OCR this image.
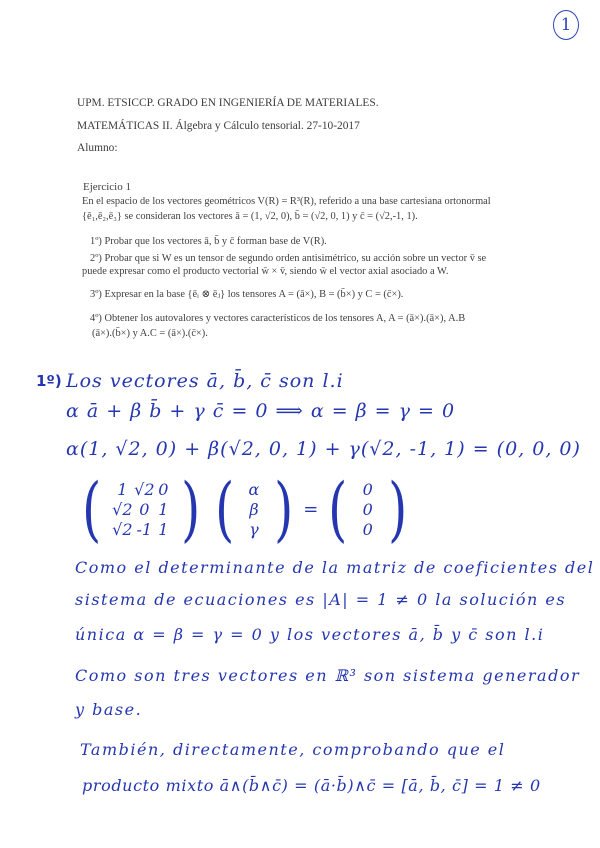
1
UPM. ETSICCP. GRADO EN INGENIERÍA DE MATERIALES.
MATEMÁTICAS II. Álgebra y Cálculo tensorial. 27-10-2017
Alumno:
Ejercicio 1
En el espacio de los vectores geométricos V(R) = R³(R), referido a una base cartesiana ortonormal
{ē₁,ē₂,ē₃} se consideran los vectores ā = (1, √2, 0), b̄ = (√2, 0, 1) y c̄ = (√2,-1, 1).
1º) Probar que los vectores ā, b̄ y c̄ forman base de V(R).
2º) Probar que si W es un tensor de segundo orden antisimétrico, su acción sobre un vector v̄ se
puede expresar como el producto vectorial w̄ × v̄, siendo w̄ el vector axial asociado a W.
3º) Expresar en la base {ēᵢ ⊗ ēⱼ} los tensores A = (ā×), B = (b̄×) y C = (c̄×).
4º) Obtener los autovalores y vectores característicos de los tensores A, A = (ā×).(ā×), A.B
(ā×).(b̄×) y A.C = (ā×).(c̄×).
1º) Los vectores ā, b̄, c̄ son l.i
α ā + β b̄ + γ c̄ = 0 ⟹ α = β = γ = 0
α(1, √2, 0) + β(√2, 0, 1) + γ(√2, -1, 1) = (0, 0, 0)
(	1 √2 0
√2 0 1
√2 -1 1 ) ( α
β
γ ) = ( 0
0
0 )
Como el determinante de la matriz de coeficientes del
sistema de ecuaciones es |A| = 1 ≠ 0 la solución es
única α = β = γ = 0 y los vectores ā, b̄ y c̄ son l.i
Como son tres vectores en ℝ³ son sistema generador
y base.
También, directamente, comprobando que el
producto mixto ā∧(b̄∧c̄) = (ā·b̄)∧c̄ = [ā, b̄, c̄] = 1 ≠ 0
